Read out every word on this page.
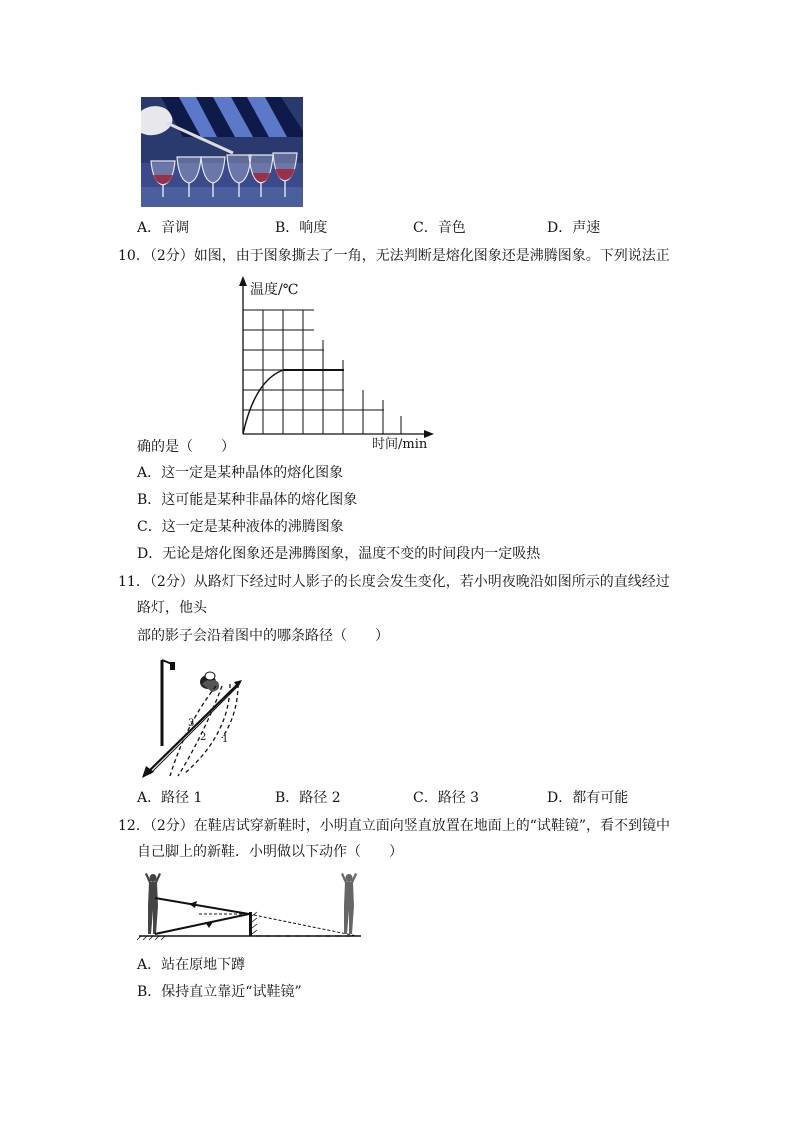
A．音调	B．响度	C．音色	D．声速
10．（2分）如图，由于图象撕去了一角，无法判断是熔化图象还是沸腾图象。下列说法正
温度/℃
时间/min
确的是（　　）
A．这一定是某种晶体的熔化图象
B．这可能是某种非晶体的熔化图象
C．这一定是某种液体的沸腾图象
D．无论是熔化图象还是沸腾图象，温度不变的时间段内一定吸热
11．（2分）从路灯下经过时人影子的长度会发生变化，若小明夜晚沿如图所示的直线经过
路灯，他头
部的影子会沿着图中的哪条路径（　　）
3
2 1
A．路径 1	B．路径 2	C．路径 3	D．都有可能
12．（2分）在鞋店试穿新鞋时，小明直立面向竖直放置在地面上的“试鞋镜”，看不到镜中
自己脚上的新鞋．小明做以下动作（　　）
A．站在原地下蹲
B．保持直立靠近“试鞋镜”
